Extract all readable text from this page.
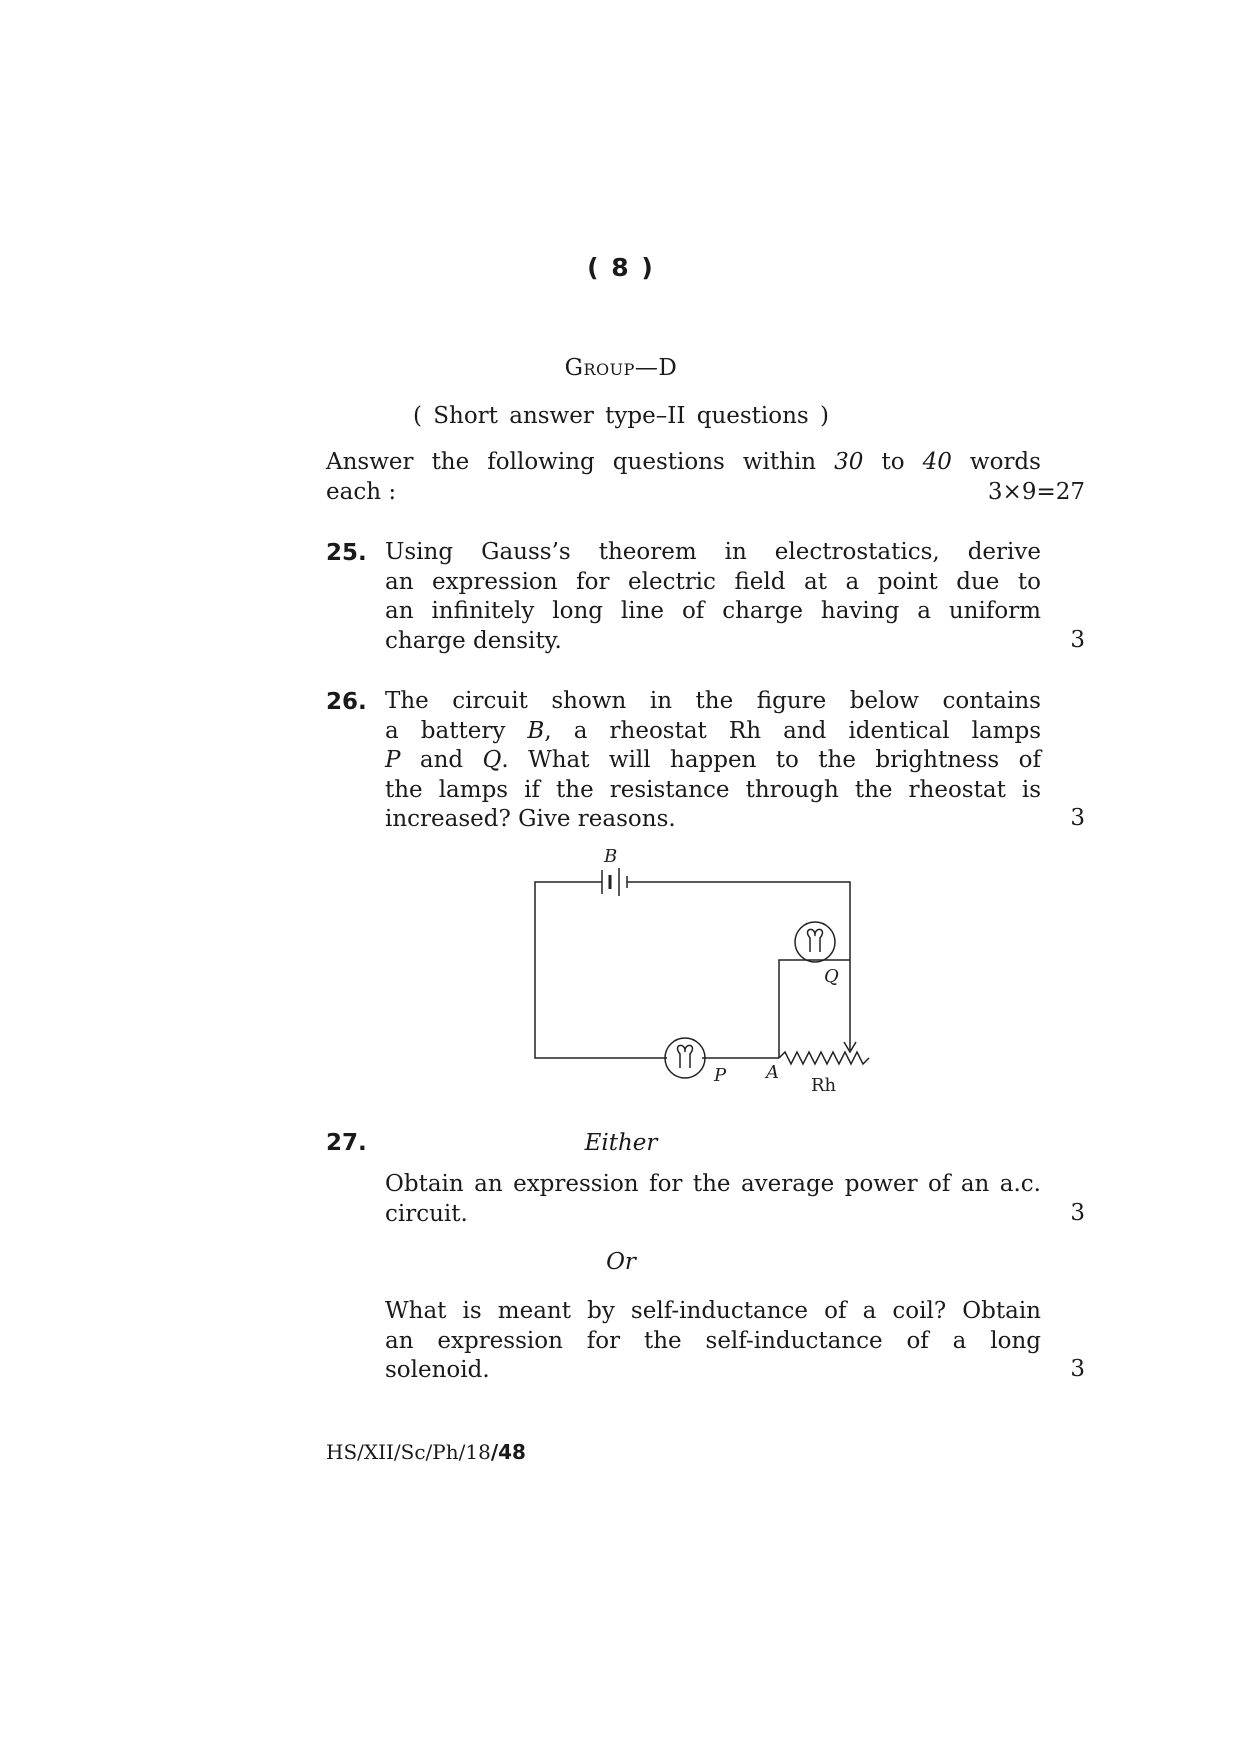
( 8 )
Group—D
( Short answer type–II questions )
Answer the following questions within 30 to 40 words
each :	3×9=27
25. Using Gauss’s theorem in electrostatics, derive
an expression for electric field at a point due to
an infinitely long line of charge having a uniform
charge density.	3
26. The circuit shown in the figure below contains
a battery B, a rheostat Rh and identical lamps
P and Q. What will happen to the brightness of
the lamps if the resistance through the rheostat is
increased? Give reasons.	3
B
Q
P A
Rh
27.	Either
Obtain an expression for the average power of an a.c.
circuit.	3
Or
What is meant by self-inductance of a coil? Obtain
an expression for the self-inductance of a long
solenoid.	3
HS/XII/Sc/Ph/18/48
